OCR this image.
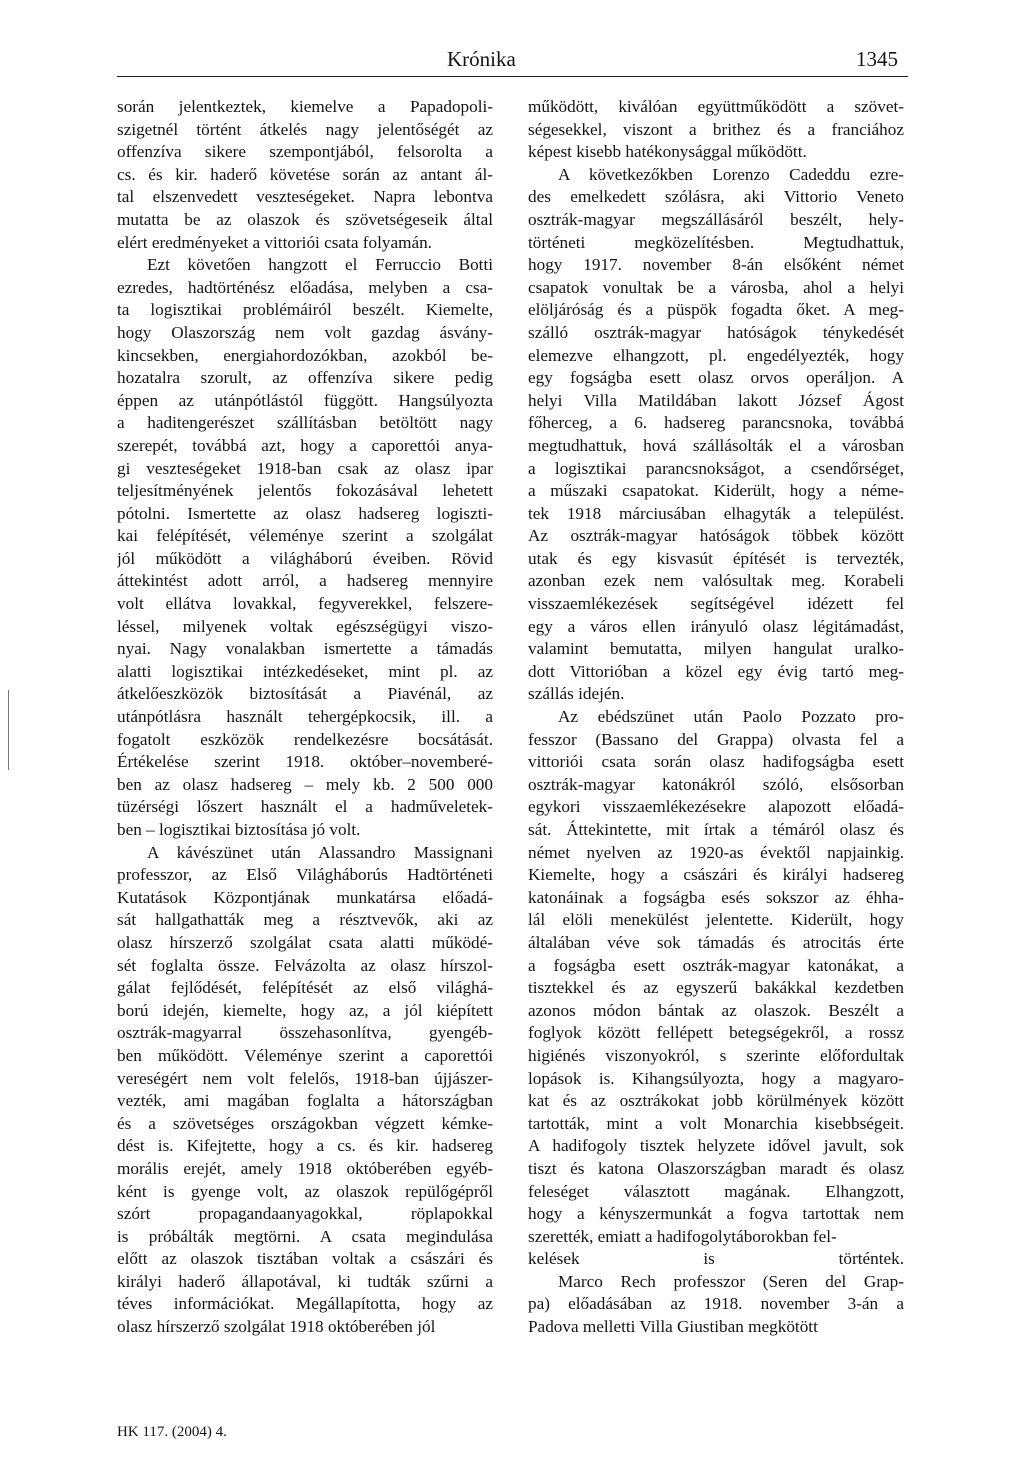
Krónika	1345
során jelentkeztek, kiemelve a Papadopoli-
szigetnél történt átkelés nagy jelentőségét az
offenzíva sikere szempontjából, felsorolta a
cs. és kir. haderő követése során az antant ál-
tal elszenvedett veszteségeket. Napra lebontva
mutatta be az olaszok és szövetségeseik által
elért eredményeket a vittoriói csata folyamán.
Ezt követően hangzott el Ferruccio Botti
ezredes, hadtörténész előadása, melyben a csa-
ta logisztikai problémáiról beszélt. Kiemelte,
hogy Olaszország nem volt gazdag ásvány-
kincsekben, energiahordozókban, azokból be-
hozatalra szorult, az offenzíva sikere pedig
éppen az utánpótlástól függött. Hangsúlyozta
a haditengerészet szállításban betöltött nagy
szerepét, továbbá azt, hogy a caporettói anya-
gi veszteségeket 1918-ban csak az olasz ipar
teljesítményének jelentős fokozásával lehetett
pótolni. Ismertette az olasz hadsereg logiszti-
kai felépítését, véleménye szerint a szolgálat
jól működött a világháború éveiben. Rövid
áttekintést adott arról, a hadsereg mennyire
volt ellátva lovakkal, fegyverekkel, felszere-
léssel, milyenek voltak egészségügyi viszo-
nyai. Nagy vonalakban ismertette a támadás
alatti logisztikai intézkedéseket, mint pl. az
átkelőeszközök biztosítását a Piavénál, az
utánpótlásra használt tehergépkocsik, ill. a
fogatolt eszközök rendelkezésre bocsátását.
Értékelése szerint 1918. október–novemberé-
ben az olasz hadsereg – mely kb. 2 500 000
tüzérségi lőszert használt el a hadműveletek-
ben – logisztikai biztosítása jó volt.
A kávészünet után Alassandro Massignani
professzor, az Első Világháborús Hadtörténeti
Kutatások Központjának munkatársa előadá-
sát hallgathatták meg a résztvevők, aki az
olasz hírszerző szolgálat csata alatti működé-
sét foglalta össze. Felvázolta az olasz hírszol-
gálat fejlődését, felépítését az első világhá-
ború idején, kiemelte, hogy az, a jól kiépített
osztrák-magyarral összehasonlítva, gyengéb-
ben működött. Véleménye szerint a caporettói
vereségért nem volt felelős, 1918-ban újjászer-
vezték, ami magában foglalta a hátországban
és a szövetséges országokban végzett kémke-
dést is. Kifejtette, hogy a cs. és kir. hadsereg
morális erejét, amely 1918 októberében egyéb-
ként is gyenge volt, az olaszok repülőgépről
szórt propagandaanyagokkal, röplapokkal
is próbálták megtörni. A csata megindulása
előtt az olaszok tisztában voltak a császári és
királyi haderő állapotával, ki tudták szűrni a
téves információkat. Megállapította, hogy az
olasz hírszerző szolgálat 1918 októberében jól
működött, kiválóan együttműködött a szövet-
ségesekkel, viszont a brithez és a franciához
képest kisebb hatékonysággal működött.
A következőkben Lorenzo Cadeddu ezre-
des emelkedett szólásra, aki Vittorio Veneto
osztrák-magyar megszállásáról beszélt, hely-
történeti megközelítésben. Megtudhattuk,
hogy 1917. november 8-án elsőként német
csapatok vonultak be a városba, ahol a helyi
elöljáróság és a püspök fogadta őket. A meg-
szálló osztrák-magyar hatóságok ténykedését
elemezve elhangzott, pl. engedélyezték, hogy
egy fogságba esett olasz orvos operáljon. A
helyi Villa Matildában lakott József Ágost
főherceg, a 6. hadsereg parancsnoka, továbbá
megtudhattuk, hová szállásolták el a városban
a logisztikai parancsnokságot, a csendőrséget,
a műszaki csapatokat. Kiderült, hogy a néme-
tek 1918 márciusában elhagyták a települést.
Az osztrák-magyar hatóságok többek között
utak és egy kisvasút építését is tervezték,
azonban ezek nem valósultak meg. Korabeli
visszaemlékezések segítségével idézett fel
egy a város ellen irányuló olasz légitámadást,
valamint bemutatta, milyen hangulat uralko-
dott Vittorióban a közel egy évig tartó meg-
szállás idején.
Az ebédszünet után Paolo Pozzato pro-
fesszor (Bassano del Grappa) olvasta fel a
vittoriói csata során olasz hadifogságba esett
osztrák-magyar katonákról szóló, elsősorban
egykori visszaemlékezésekre alapozott előadá-
sát. Áttekintette, mit írtak a témáról olasz és
német nyelven az 1920-as évektől napjainkig.
Kiemelte, hogy a császári és királyi hadsereg
katonáinak a fogságba esés sokszor az éhha-
lál elöli menekülést jelentette. Kiderült, hogy
általában véve sok támadás és atrocitás érte
a fogságba esett osztrák-magyar katonákat, a
tisztekkel és az egyszerű bakákkal kezdetben
azonos módon bántak az olaszok. Beszélt a
foglyok között fellépett betegségekről, a rossz
higiénés viszonyokról, s szerinte előfordultak
lopások is. Kihangsúlyozta, hogy a magyaro-
kat és az osztrákokat jobb körülmények között
tartották, mint a volt Monarchia kisebbségeit.
A hadifogoly tisztek helyzete idővel javult, sok
tiszt és katona Olaszországban maradt és olasz
feleséget választott magának. Elhangzott,
hogy a kényszermunkát a fogva tartottak nem
szerették, emiatt a hadifogolytáborokban fel-
kelések is történtek.
Marco Rech professzor (Seren del Grap-
pa) előadásában az 1918. november 3-án a
Padova melletti Villa Giustiban megkötött
HK 117. (2004) 4.
